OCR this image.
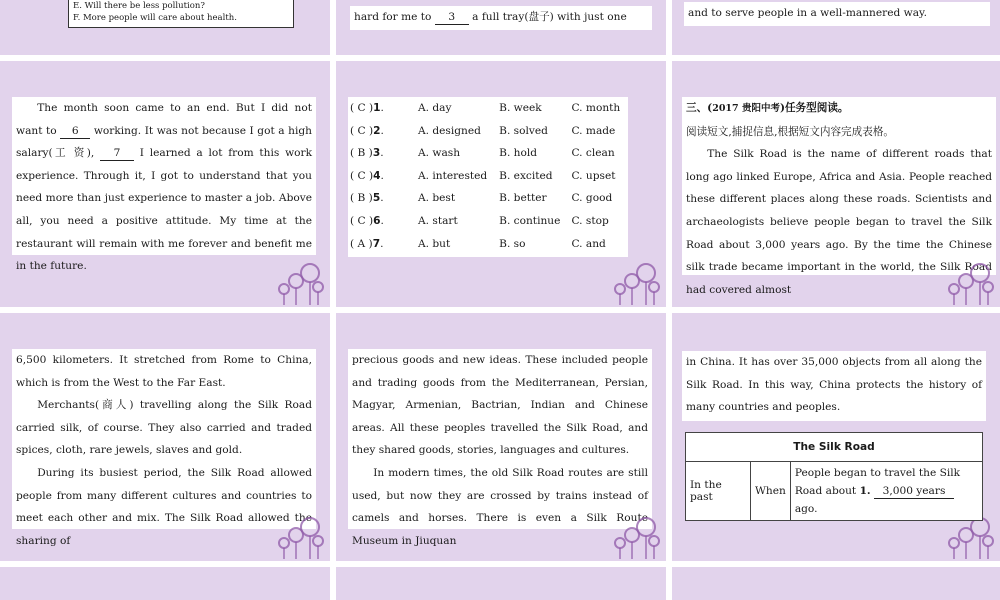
E. Will there be less pollution?
F. More people will care about health.	hard for me to 3 a full tray(盘子) with just one	and to serve people in a well-mannered way.

The month soon came to an end. But I did not want to 6 working. It was not because I got a high salary(工 资), 7 I learned a lot from this work experience. Through it, I got to understand that you need more than just experience to master a job. Above all, you need a positive attitude. My time at the restaurant will remain with me forever and benefit me in the future.

( C )1.	A. day	B. week	C. month
( C )2.	A. designed	B. solved	C. made
( B )3.	A. wash	B. hold	C. clean
( C )4.	A. interested	B. excited	C. upset
( B )5.	A. best	B. better	C. good
( C )6.	A. start	B. continue	C. stop
( A )7.	A. but	B. so	C. and

三、(2017 贵阳中考)任务型阅读。

阅读短文,捕捉信息,根据短文内容完成表格。

The Silk Road is the name of different roads that long ago linked Europe, Africa and Asia. People reached these different places along these roads. Scientists and archaeologists believe people began to travel the Silk Road about 3,000 years ago. By the time the Chinese silk trade became important in the world, the Silk Road had covered almost

6,500 kilometers. It stretched from Rome to China, which is from the West to the Far East.

Merchants(商人) travelling along the Silk Road carried silk, of course. They also carried and traded spices, cloth, rare jewels, slaves and gold.

During its busiest period, the Silk Road allowed people from many different cultures and countries to meet each other and mix. The Silk Road allowed the sharing of

precious goods and new ideas. These included people and trading goods from the Mediterranean, Persian, Magyar, Armenian, Bactrian, Indian and Chinese areas. All these peoples travelled the Silk Road, and they shared goods, stories, languages and cultures.

In modern times, the old Silk Road routes are still used, but now they are crossed by trains instead of camels and horses. There is even a Silk Route Museum in Jiuquan

in China. It has over 35,000 objects from all along the Silk Road. In this way, China protects the history of many countries and peoples.

The Silk Road
In the past	When	People began to travel the Silk Road about 1. 3,000 years ago.
